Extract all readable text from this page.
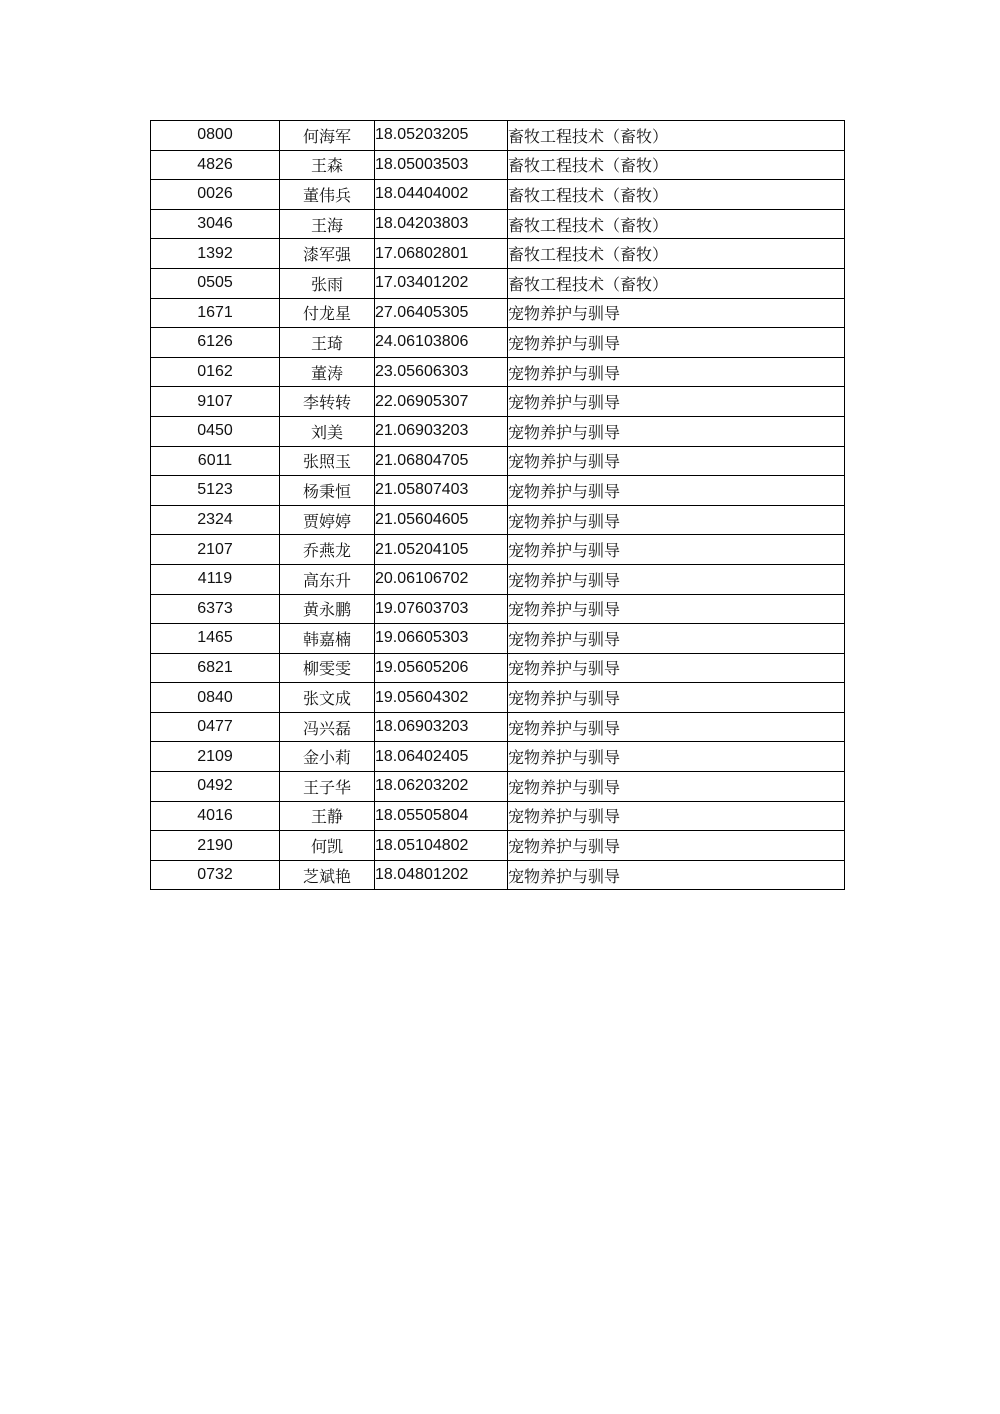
0800	何海军	18.05203205	畜牧工程技术（畜牧）
4826	王森	18.05003503	畜牧工程技术（畜牧）
0026	董伟兵	18.04404002	畜牧工程技术（畜牧）
3046	王海	18.04203803	畜牧工程技术（畜牧）
1392	漆军强	17.06802801	畜牧工程技术（畜牧）
0505	张雨	17.03401202	畜牧工程技术（畜牧）
1671	付龙星	27.06405305	宠物养护与驯导
6126	王琦	24.06103806	宠物养护与驯导
0162	董涛	23.05606303	宠物养护与驯导
9107	李转转	22.06905307	宠物养护与驯导
0450	刘美	21.06903203	宠物养护与驯导
6011	张照玉	21.06804705	宠物养护与驯导
5123	杨秉恒	21.05807403	宠物养护与驯导
2324	贾婷婷	21.05604605	宠物养护与驯导
2107	乔燕龙	21.05204105	宠物养护与驯导
4119	高东升	20.06106702	宠物养护与驯导
6373	黄永鹏	19.07603703	宠物养护与驯导
1465	韩嘉楠	19.06605303	宠物养护与驯导
6821	柳雯雯	19.05605206	宠物养护与驯导
0840	张文成	19.05604302	宠物养护与驯导
0477	冯兴磊	18.06903203	宠物养护与驯导
2109	金小莉	18.06402405	宠物养护与驯导
0492	王子华	18.06203202	宠物养护与驯导
4016	王静	18.05505804	宠物养护与驯导
2190	何凯	18.05104802	宠物养护与驯导
0732	芝斌艳	18.04801202	宠物养护与驯导
